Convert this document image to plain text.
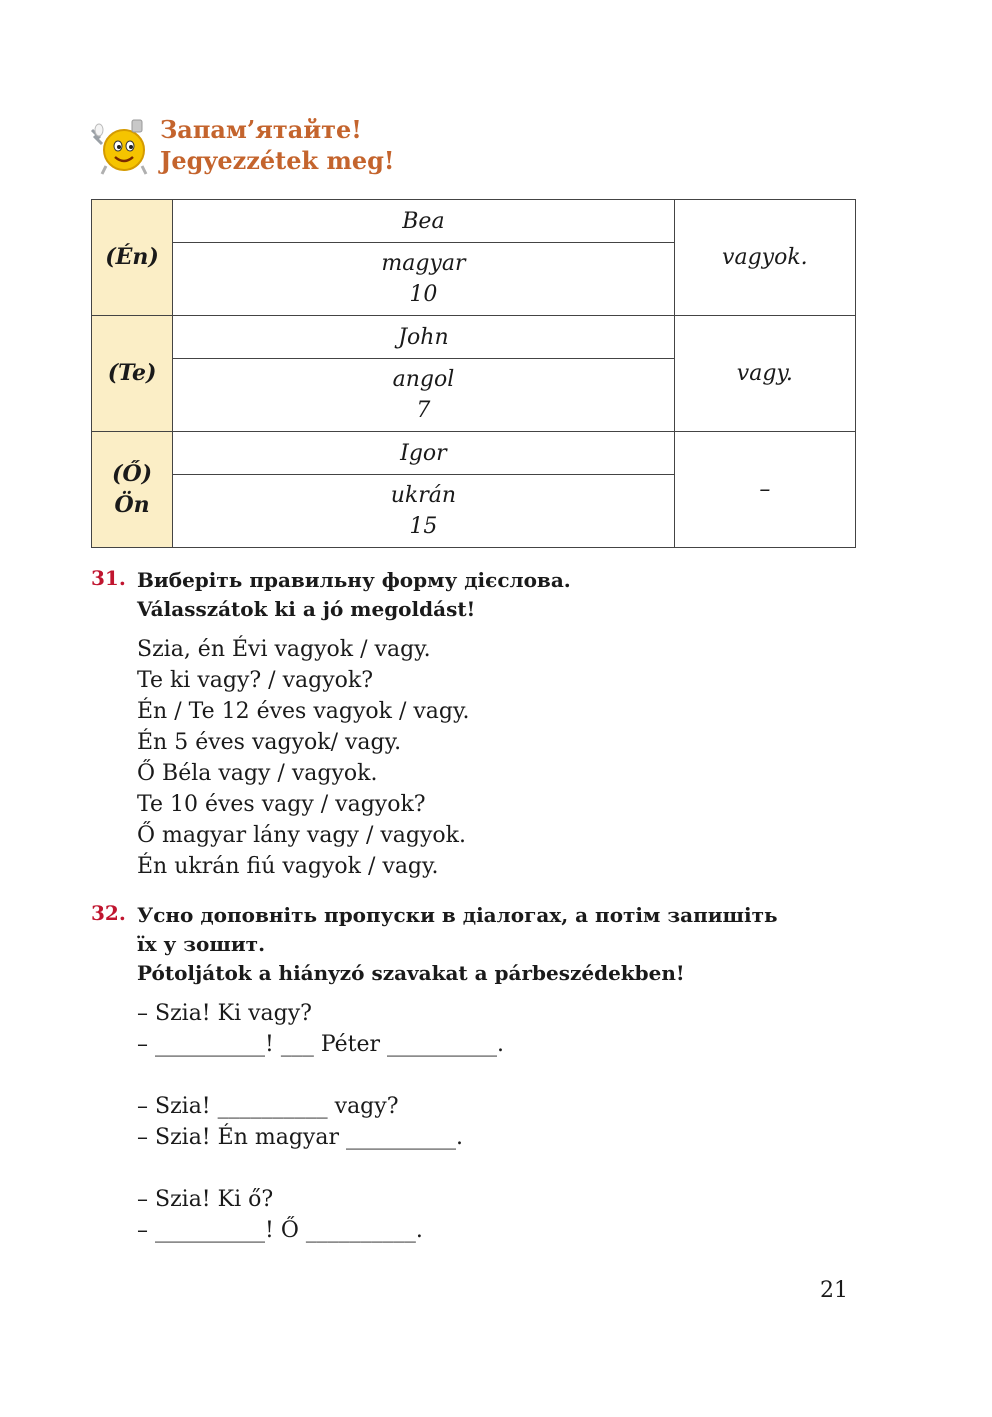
Запам’ятайте!
Jegyezzétek meg!
(Én)	Bea	vagyok.

	magyar
10	

(Te)	John	vagy.

	angol
7	

(Ő)
Ön	Igor	–

	ukrán
15	
31. Виберіть правильну форму дієслова.
Válasszátok ki a jó megoldást!
Szia, én Évi vagyok / vagy.
Te ki vagy? / vagyok?
Én / Te 12 éves vagyok / vagy.
Én 5 éves vagyok/ vagy.
Ő Béla vagy / vagyok.
Te 10 éves vagy / vagyok?
Ő magyar lány vagy / vagyok.
Én ukrán fiú vagyok / vagy.
32. Усно доповніть пропуски в діалогах, а потім запишіть
їх у зошит.
Pótoljátok a hiányzó szavakat a párbeszédekben!
– Szia! Ki vagy?
– __________! ___ Péter __________.
– Szia! __________ vagy?
– Szia! Én magyar __________.
– Szia! Ki ő?
– __________! Ő __________.
21
